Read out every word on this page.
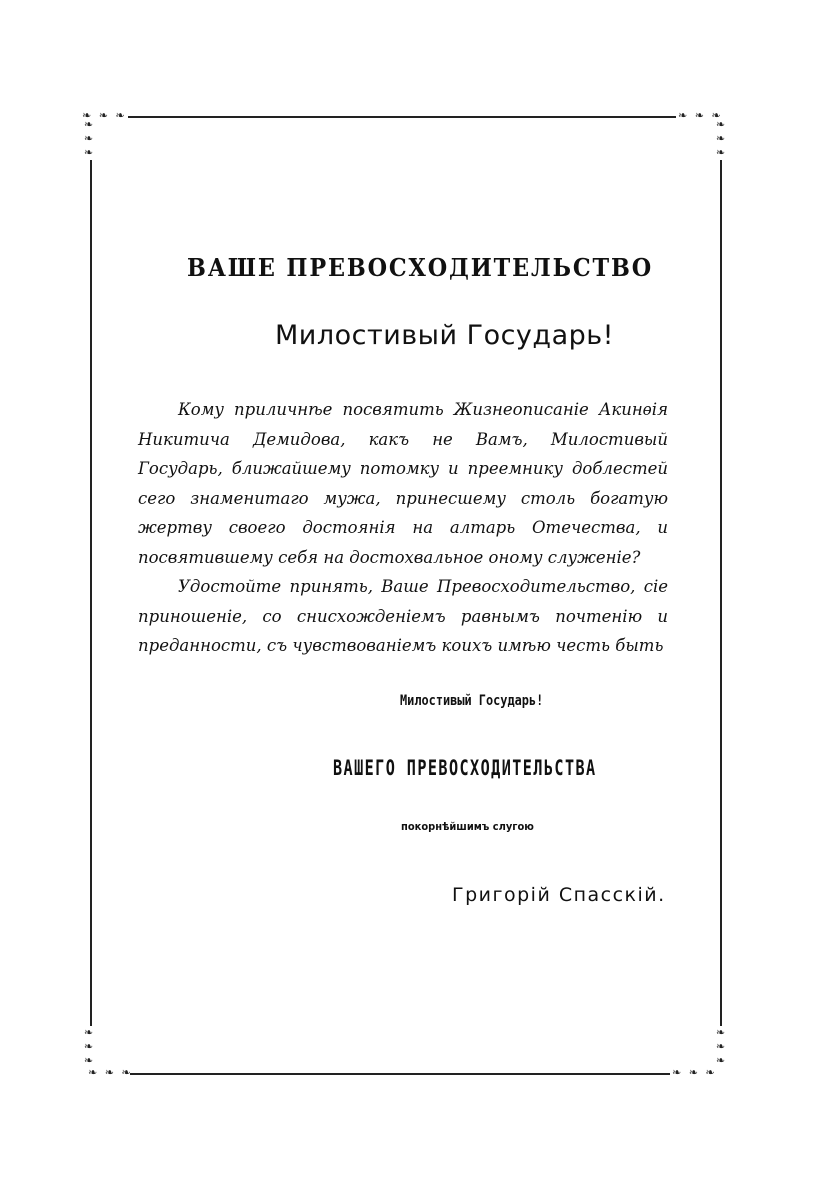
❧ ❧ ❧
❧❧❧
❧ ❧ ❧
❧❧❧
❧❧❧
❧ ❧ ❧
❧❧❧
❧ ❧ ❧
ВАШЕ ПРЕВОСХОДИТЕЛЬСТВО
Милостивый Государь!

Кому приличнѣе посвятить Жизнеописаніе Акинѳія Никитича Демидова, какъ не Вамъ, Милостивый Государь, ближайшему потомку и преемнику доблестей сего знаменитаго мужа, принесшему столь богатую жертву своего достоянія на алтарь Отечества, и посвятившему себя на достохвальное оному служеніе?

Удостойте принять, Ваше Превосходительство, сіе приношеніе, со снисхожденіемъ равнымъ почтенію и преданности, съ чувствованіемъ коихъ имѣю честь быть

Милостивый Государь!
ВАШЕГО ПРЕВОСХОДИТЕЛЬСТВА
покорнѣйшимъ слугою
Григорій Спасскій.
